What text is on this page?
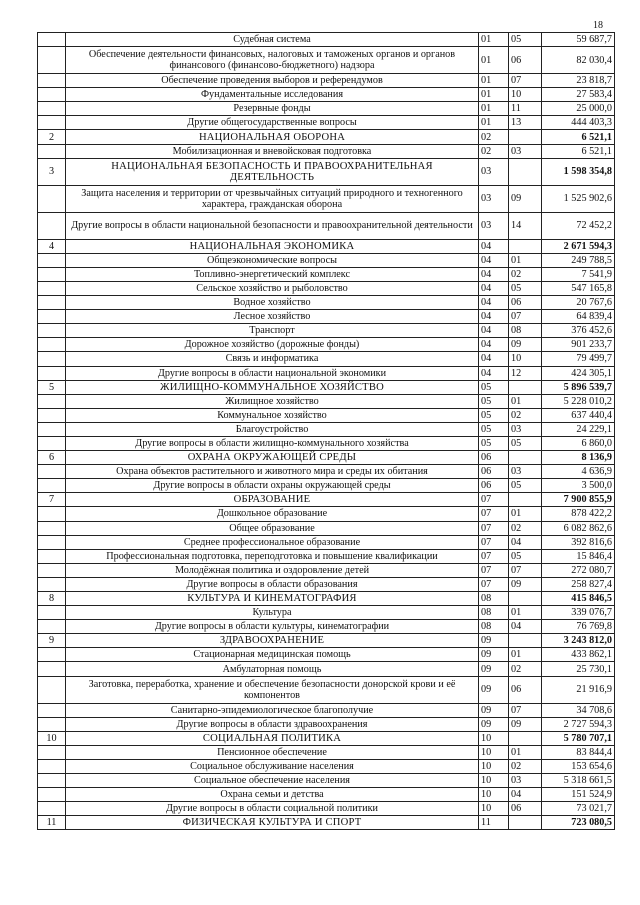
18
	Судебная система	01	05	59 687,7
	Обеспечение деятельности финансовых, налоговых и таможеных органов и органов финансового (финансово-бюджетного) надзора	01	06	82 030,4
	Обеспечение проведения выборов и референдумов	01	07	23 818,7
	Фундаментальные исследования	01	10	27 583,4
	Резервные фонды	01	11	25 000,0
	Другие общегосударственные вопросы	01	13	444 403,3
2	НАЦИОНАЛЬНАЯ ОБОРОНА	02		6 521,1
	Мобилизационная и вневойсковая подготовка	02	03	6 521,1
3	НАЦИОНАЛЬНАЯ БЕЗОПАСНОСТЬ И ПРАВООХРАНИТЕЛЬНАЯ ДЕЯТЕЛЬНОСТЬ	03		1 598 354,8
	Защита населения и территории от чрезвычайных ситуаций природного и техногенного характера, гражданская оборона	03	09	1 525 902,6
	Другие вопросы в области национальной безопасности и правоохранительной деятельности	03	14	72 452,2
4	НАЦИОНАЛЬНАЯ ЭКОНОМИКА	04		2 671 594,3
	Общеэкономические вопросы	04	01	249 788,5
	Топливно-энергетический комплекс	04	02	7 541,9
	Сельское хозяйство и рыболовство	04	05	547 165,8
	Водное хозяйство	04	06	20 767,6
	Лесное хозяйство	04	07	64 839,4
	Транспорт	04	08	376 452,6
	Дорожное хозяйство (дорожные фонды)	04	09	901 233,7
	Связь и информатика	04	10	79 499,7
	Другие вопросы в области национальной экономики	04	12	424 305,1
5	ЖИЛИЩНО-КОММУНАЛЬНОЕ ХОЗЯЙСТВО	05		5 896 539,7
	Жилищное хозяйство	05	01	5 228 010,2
	Коммунальное хозяйство	05	02	637 440,4
	Благоустройство	05	03	24 229,1
	Другие вопросы в области жилищно-коммунального хозяйства	05	05	6 860,0
6	ОХРАНА ОКРУЖАЮЩЕЙ СРЕДЫ	06		8 136,9
	Охрана объектов растительного и животного мира и среды их обитания	06	03	4 636,9
	Другие вопросы в области охраны окружающей среды	06	05	3 500,0
7	ОБРАЗОВАНИЕ	07		7 900 855,9
	Дошкольное образование	07	01	878 422,2
	Общее образование	07	02	6 082 862,6
	Среднее профессиональное образование	07	04	392 816,6
	Профессиональная подготовка, переподготовка и повышение квалификации	07	05	15 846,4
	Молодёжная политика и оздоровление детей	07	07	272 080,7
	Другие вопросы в области образования	07	09	258 827,4
8	КУЛЬТУРА И КИНЕМАТОГРАФИЯ	08		415 846,5
	Культура	08	01	339 076,7
	Другие вопросы в области культуры, кинематографии	08	04	76 769,8
9	ЗДРАВООХРАНЕНИЕ	09		3 243 812,0
	Стационарная медицинская помощь	09	01	433 862,1
	Амбулаторная помощь	09	02	25 730,1
	Заготовка, переработка, хранение и обеспечение безопасности донорской крови и её компонентов	09	06	21 916,9
	Санитарно-эпидемиологическое благополучие	09	07	34 708,6
	Другие вопросы в области здравоохранения	09	09	2 727 594,3
10	СОЦИАЛЬНАЯ ПОЛИТИКА	10		5 780 707,1
	Пенсионное обеспечение	10	01	83 844,4
	Социальное обслуживание населения	10	02	153 654,6
	Социальное обеспечение населения	10	03	5 318 661,5
	Охрана семьи и детства	10	04	151 524,9
	Другие вопросы в области социальной политики	10	06	73 021,7
11	ФИЗИЧЕСКАЯ КУЛЬТУРА И СПОРТ	11		723 080,5
